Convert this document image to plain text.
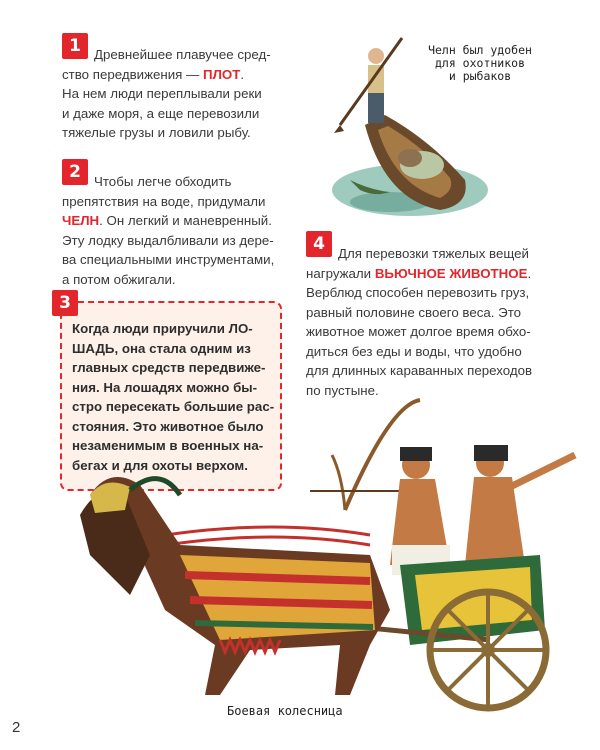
1 Древнейшее плавучее сред-
ство передвижения — ПЛОТ.
На нем люди переплывали реки
и даже моря, а еще перевозили
тяжелые грузы и ловили рыбу.

2 Чтобы легче обходить
препятствия на воде, придумали
ЧЕЛН. Он легкий и маневренный.
Эту лодку выдалбливали из дере-
ва специальными инструментами,
а потом обжигали.

Когда люди приручили ЛО-
ШАДЬ, она стала одним из
главных средств передвиже-
ния. На лошадях можно бы-
стро пересекать большие рас-
стояния. Это животное было
незаменимым в военных на-
бегах и для охоты верхом.

3
4 Для перевозки тяжелых вещей
нагружали ВЬЮЧНОЕ ЖИВОТНОЕ.
Верблюд способен перевозить груз,
равный половине своего веса. Это
животное может долгое время обхо-
диться без еды и воды, что удобно
для длинных караванных переходов
по пустыне.

Челн был удобен
для охотников
и рыбаков
Боевая колесница
2
